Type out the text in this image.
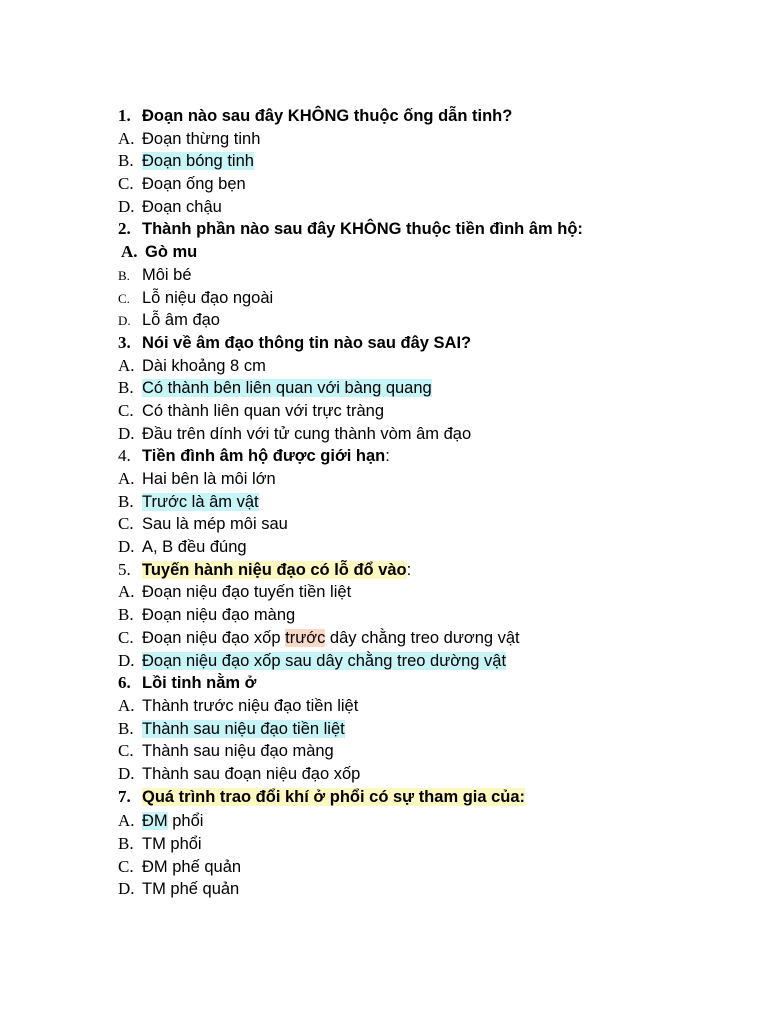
1. Đoạn nào sau đây KHÔNG thuộc ống dẫn tinh?
A. Đoạn thừng tinh
B. Đoạn bóng tinh
C. Đoạn ống bẹn
D. Đoạn chậu
2. Thành phần nào sau đây KHÔNG thuộc tiền đình âm hộ:
A. Gò mu
B. Môi bé
C. Lỗ niệu đạo ngoài
D. Lỗ âm đạo
3. Nói về âm đạo thông tin nào sau đây SAI?
A. Dài khoảng 8 cm
B. Có thành bên liên quan với bàng quang
C. Có thành liên quan với trực tràng
D. Đầu trên dính với tử cung thành vòm âm đạo
4. Tiền đình âm hộ được giới hạn:
A. Hai bên là môi lớn
B. Trước là âm vật
C. Sau là mép môi sau
D. A, B đều đúng
5. Tuyến hành niệu đạo có lỗ đổ vào:
A. Đoạn niệu đạo tuyến tiền liệt
B. Đoạn niệu đạo màng
C. Đoạn niệu đạo xốp trước dây chằng treo dương vật
D. Đoạn niệu đạo xốp sau dây chằng treo dường vật
6. Lồi tinh nằm ở
A. Thành trước niệu đạo tiền liệt
B. Thành sau niệu đạo tiền liệt
C. Thành sau niệu đạo màng
D. Thành sau đoạn niệu đạo xốp
7. Quá trình trao đổi khí ở phổi có sự tham gia của:
A. ĐM phổi
B. TM phổi
C. ĐM phế quản
D. TM phế quản
